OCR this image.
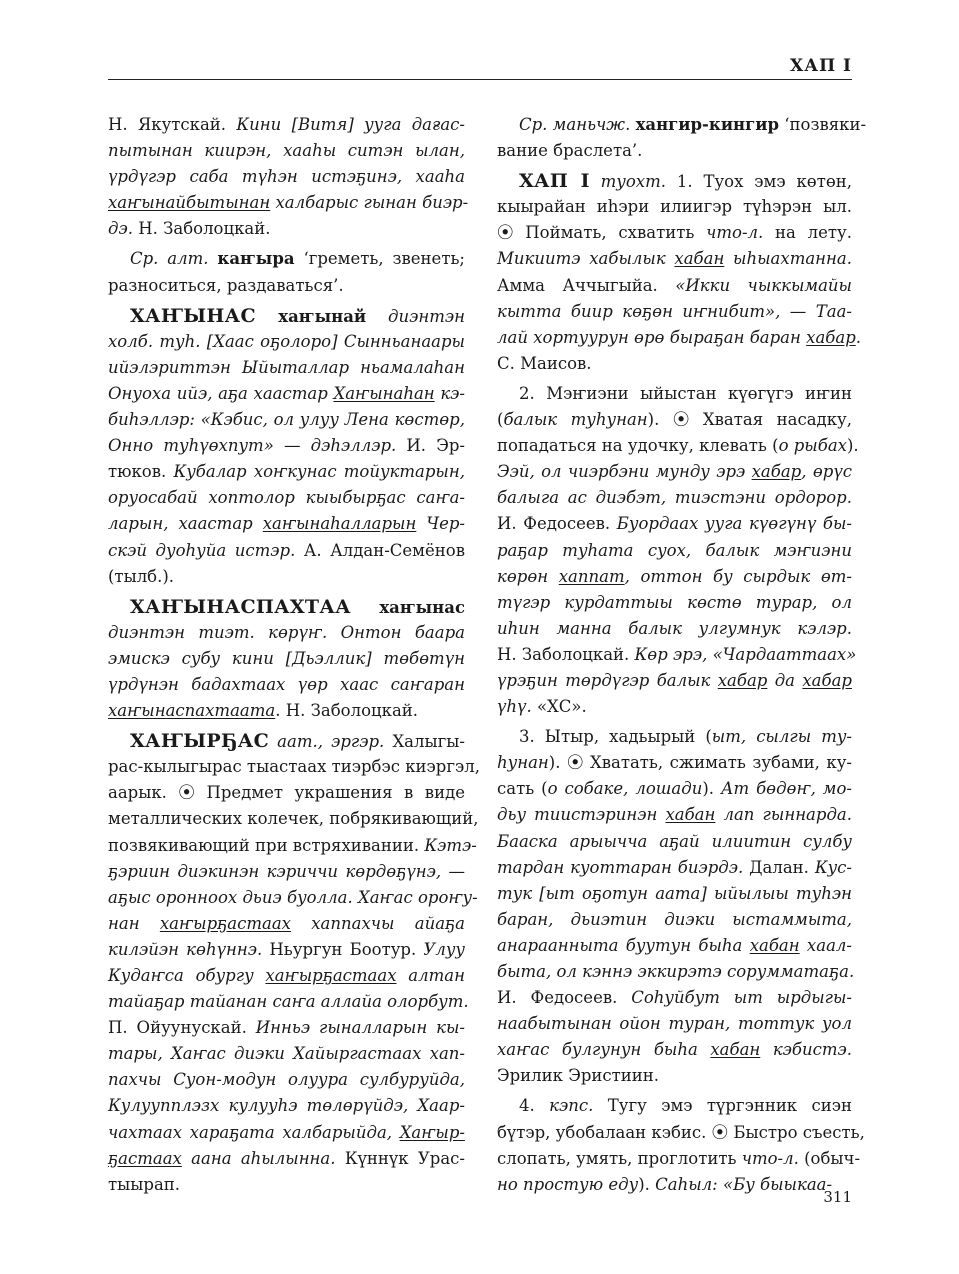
ХАП I
Н. Якутскай. Кини [Витя] ууга дағас-
пытынан киирэн, хааһы ситэн ылан,
үрдүгэр саба түһэн истэҕинэ, хааһа
хаҥынайбытынан халбарыс гынан биэр-
дэ. Н. Заболоцкай.
Ср. алт. каҥыра ‘греметь, звенеть;
разноситься, раздаваться’.
ХАҤЫНАС хаҥынай диэнтэн
холб. туһ. [Хаас оҕолоро] Сынньанаары
ийэлэриттэн Ыйыталлар ньамалаһан
Онуоха ийэ, аҕа хаастар Хаҥынаһан кэ-
биһэллэр: «Кэбис, ол улуу Лена көстөр,
Онно туһүөхпут» — дэһэллэр. И. Эр-
тюков. Кубалар хоҥкунас тойуктарын,
оруосабай хоптолор кыыбырҕас саҥа-
ларын, хаастар хаҥынаһалларын Чер-
скэй дуоһуйа истэр. А. Алдан-Семёнов
(тылб.).
ХАҤЫНАСПАХТАА хаҥынас
диэнтэн тиэт. көрүҥ. Онтон баара
эмискэ субу кини [Дьэллик] төбөтүн
үрдүнэн бадахтаах үөр хаас саҥаран
хаҥынаспахтаата. Н. Заболоцкай.
ХАҤЫРҔАС аат., эргэр. Халыгы-
рас-кылыгырас тыастаах тиэрбэс киэргэл,
аарык. ⦿ Предмет украшения в виде
металлических колечек, побрякивающий,
позвякивающий при встряхивании. Кэтэ-
ҕэриин диэкинэн кэриччи көрдөҕүнэ, —
аҕыс оронноох дьиэ буолла. Хаҥас ороҥу-
нан хаҥырҕастаах хаппахчы айаҕа
килэйэн көһүннэ. Ньургун Боотур. Улуу
Кудаҥса обургу хаҥырҕастаах алтан
тайаҕар тайанан саҥа аллайа олорбут.
П. Ойуунускай. Инньэ гыналларын кы-
тары, Хаҥас диэки Хайыргастаах хап-
пахчы Суон-модун олуура сулбуруйда,
Кулуупплэзх кулууһэ төлөрүйдэ, Хаар-
чахтаах хараҕата халбарыйда, Хаҥыр-
ҕастаах аана аһылынна. Күннүк Урас-
тыырап.
Ср. маньчж. хангир-кингир ‘позвяки-
вание браслета’.
ХАП I туохт. 1. Туох эмэ көтөн,
кыырайан иһэри илиигэр түһэрэн ыл.
⦿ Поймать, схватить что-л. на лету.
Микиитэ хабылык хабан ыһыахтанна.
Амма Аччыгыйа. «Икки чыккымайы
кытта биир көҕөн иҥнибит», — Таа-
лай хортуурун өрө быраҕан баран хабар.
С. Маисов.
2. Мэҥиэни ыйыстан күөгүгэ иҥин
(балык туһунан). ⦿ Хватая насадку,
попадаться на удочку, клевать (о рыбах).
Ээй, ол чиэрбэни мунду эрэ хабар, өрүс
балыга ас диэбэт, тиэстэни ордорор.
И. Федосеев. Буордаах ууга күөгүнү бы-
раҕар туһата суох, балык мэҥиэни
көрөн хаппат, оттон бу сырдык өт-
түгэр курдаттыы көстө турар, ол
иһин манна балык улгумнук кэлэр.
Н. Заболоцкай. Көр эрэ, «Чардааттаах»
үрэҕин төрдүгэр балык хабар да хабар
үһү. «ХС».
3. Ытыр, хадьырый (ыт, сылгы ту-
һунан). ⦿ Хватать, сжимать зубами, ку-
сать (о собаке, лошади). Ат бөдөҥ, мо-
дьу тиистэринэн хабан лап гыннарда.
Бааска арыычча аҕай илиитин сулбу
тардан куоттаран биэрдэ. Далан. Кус-
тук [ыт оҕотун аата] ыйылыы туһэн
баран, дьиэтин диэки ыстаммыта,
анараанныта буутун быһа хабан хаал-
быта, ол кэннэ эккирэтэ сорумматаҕа.
И. Федосеев. Соһуйбут ыт ырдыгы-
наабытынан ойон туран, тоттук уол
хаҥас булгунун быһа хабан кэбистэ.
Эрилик Эристиин.
4. кэпс. Тугу эмэ түргэнник сиэн
бүтэр, убобалаан кэбис. ⦿ Быстро съесть,
слопать, умять, проглотить что-л. (обыч-
но простую еду). Саһыл: «Бу быыкаа-
311
